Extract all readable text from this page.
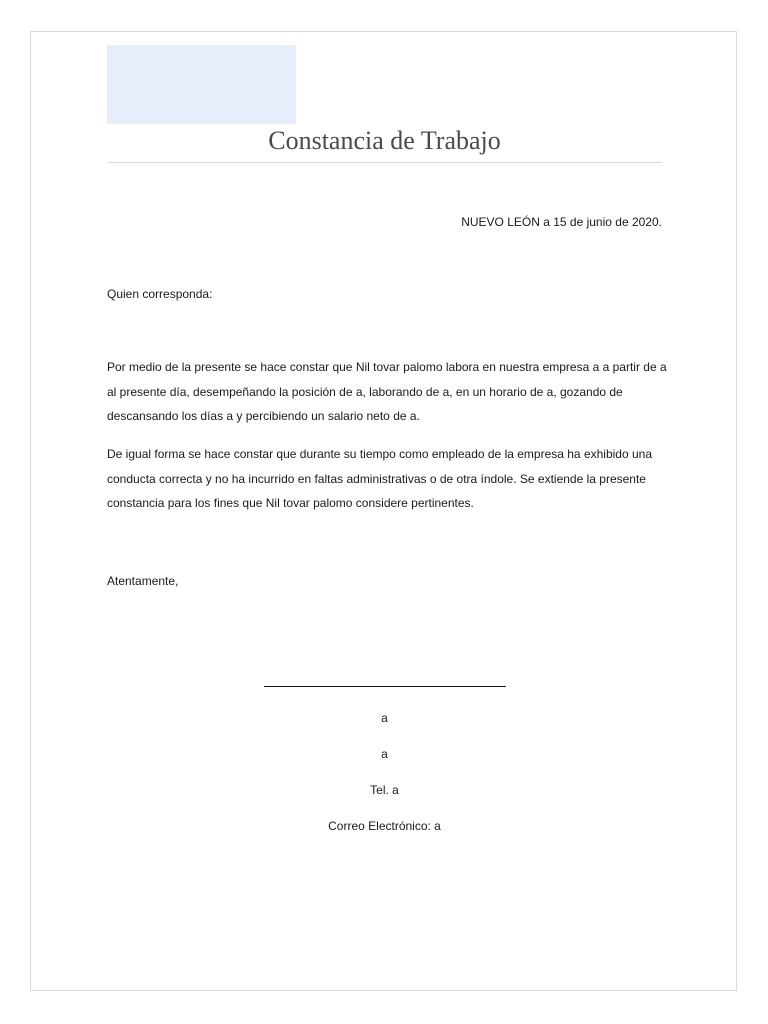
Constancia de Trabajo
NUEVO LEÓN a 15 de junio de 2020.
Quien corresponda:

Por medio de la presente se hace constar que Nil tovar palomo labora en nuestra empresa a a partir de a al presente día, desempeñando la posición de a, laborando de a, en un horario de a, gozando de descansando los días a y percibiendo un salario neto de a.

De igual forma se hace constar que durante su tiempo como empleado de la empresa ha exhibido una conducta correcta y no ha incurrido en faltas administrativas o de otra índole. Se extiende la presente constancia para los fines que Nil tovar palomo considere pertinentes.

Atentamente,
a
a
Tel. a
Correo Electrónico: a
